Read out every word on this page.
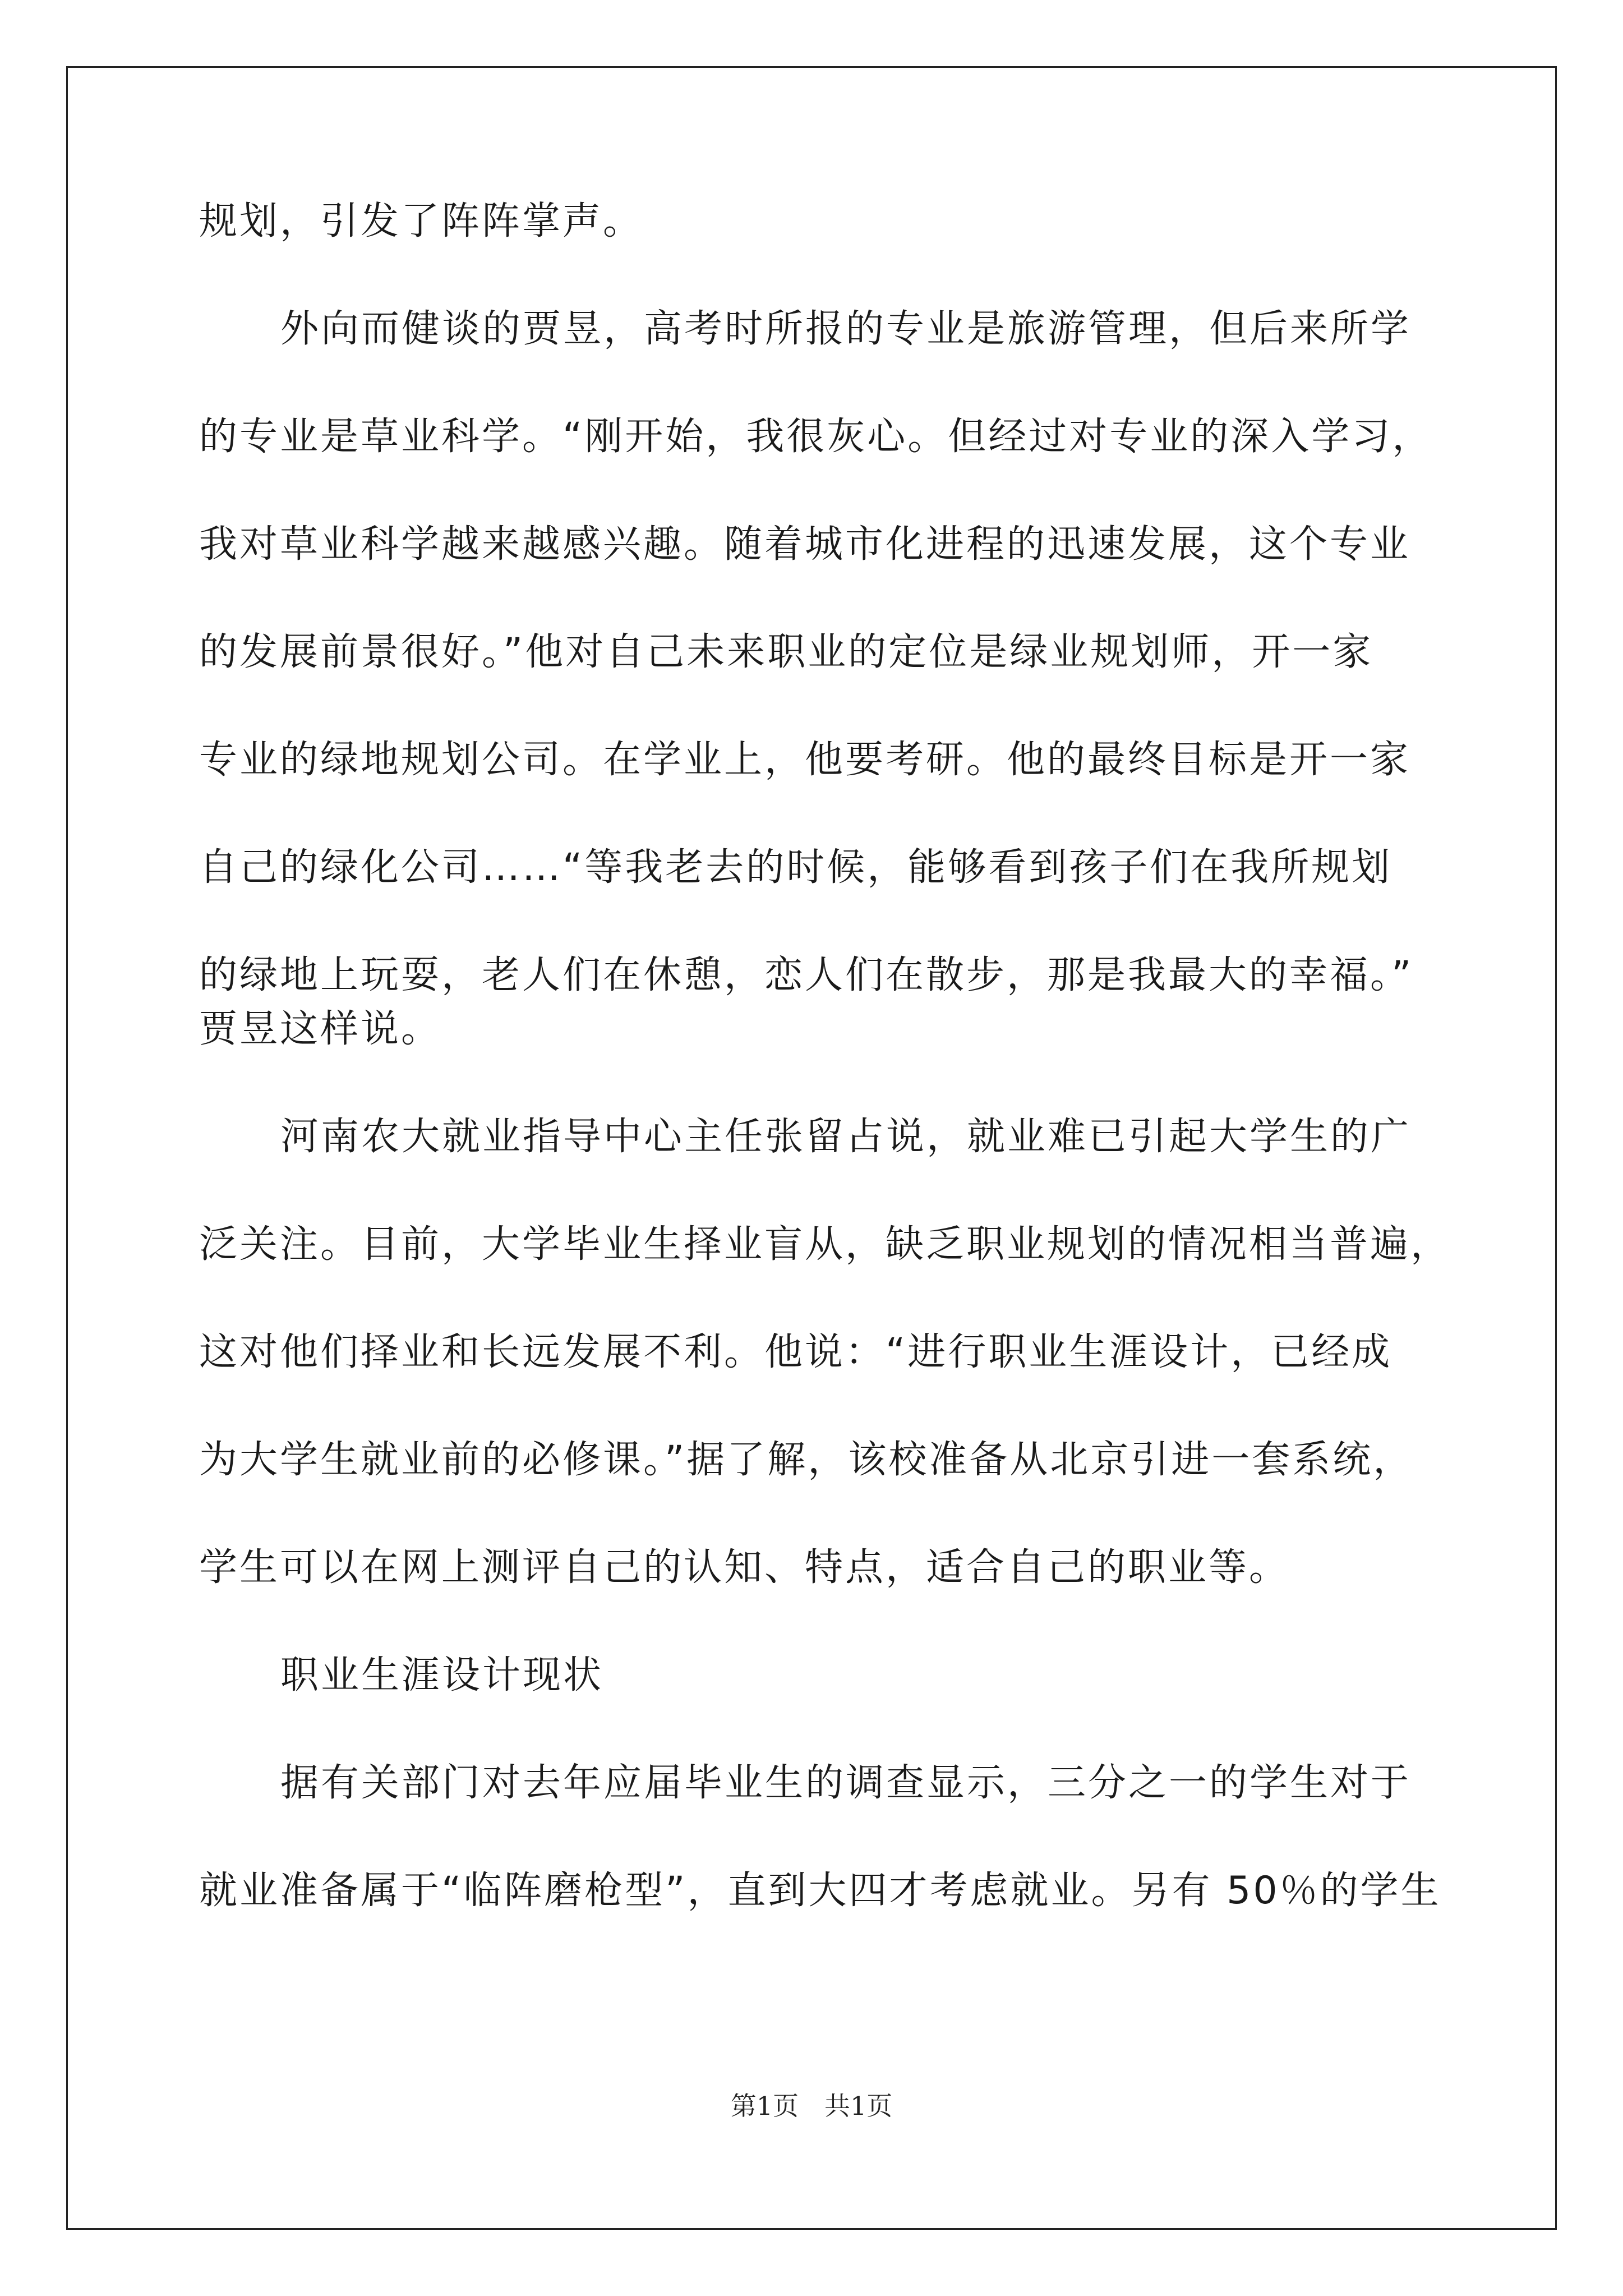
规划，引发了阵阵掌声。

外向而健谈的贾昱，高考时所报的专业是旅游管理，但后来所学

的专业是草业科学。“刚开始，我很灰心。但经过对专业的深入学习，

我对草业科学越来越感兴趣。随着城市化进程的迅速发展，这个专业

的发展前景很好。”他对自己未来职业的定位是绿业规划师，开一家

专业的绿地规划公司。在学业上，他要考研。他的最终目标是开一家

自己的绿化公司……“等我老去的时候，能够看到孩子们在我所规划

的绿地上玩耍，老人们在休憩，恋人们在散步，那是我最大的幸福。”

贾昱这样说。

河南农大就业指导中心主任张留占说，就业难已引起大学生的广

泛关注。目前，大学毕业生择业盲从，缺乏职业规划的情况相当普遍，

这对他们择业和长远发展不利。他说：“进行职业生涯设计，已经成

为大学生就业前的必修课。”据了解，该校准备从北京引进一套系统，

学生可以在网上测评自己的认知、特点，适合自己的职业等。

职业生涯设计现状

据有关部门对去年应届毕业生的调查显示，三分之一的学生对于

就业准备属于“临阵磨枪型”，直到大四才考虑就业。另有 50％的学生

第1页　共1页
